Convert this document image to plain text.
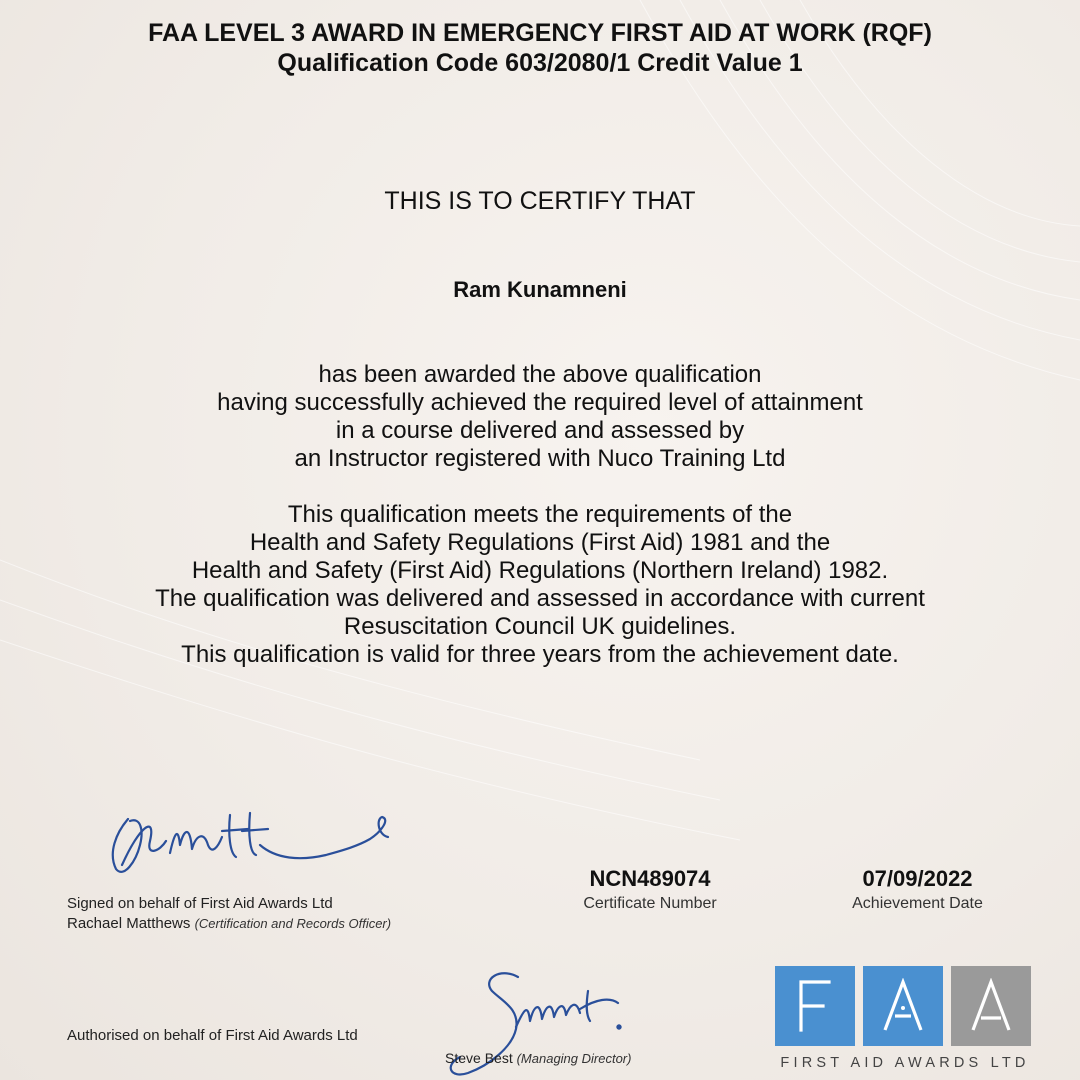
FAA LEVEL 3 AWARD IN EMERGENCY FIRST AID AT WORK (RQF)
Qualification Code 603/2080/1 Credit Value 1
THIS IS TO CERTIFY THAT
Ram Kunamneni
has been awarded the above qualification
having successfully achieved the required level of attainment
in a course delivered and assessed by
an Instructor registered with Nuco Training Ltd
This qualification meets the requirements of the
Health and Safety Regulations (First Aid) 1981 and the
Health and Safety (First Aid) Regulations (Northern Ireland) 1982.
The qualification was delivered and assessed in accordance with current
Resuscitation Council UK guidelines.
This qualification is valid for three years from the achievement date.
Signed on behalf of First Aid Awards Ltd
Rachael Matthews (Certification and Records Officer)
NCN489074
Certificate Number
07/09/2022
Achievement Date
Authorised on behalf of First Aid Awards Ltd
Steve Best (Managing Director)	FIRST AID AWARDS LTD
